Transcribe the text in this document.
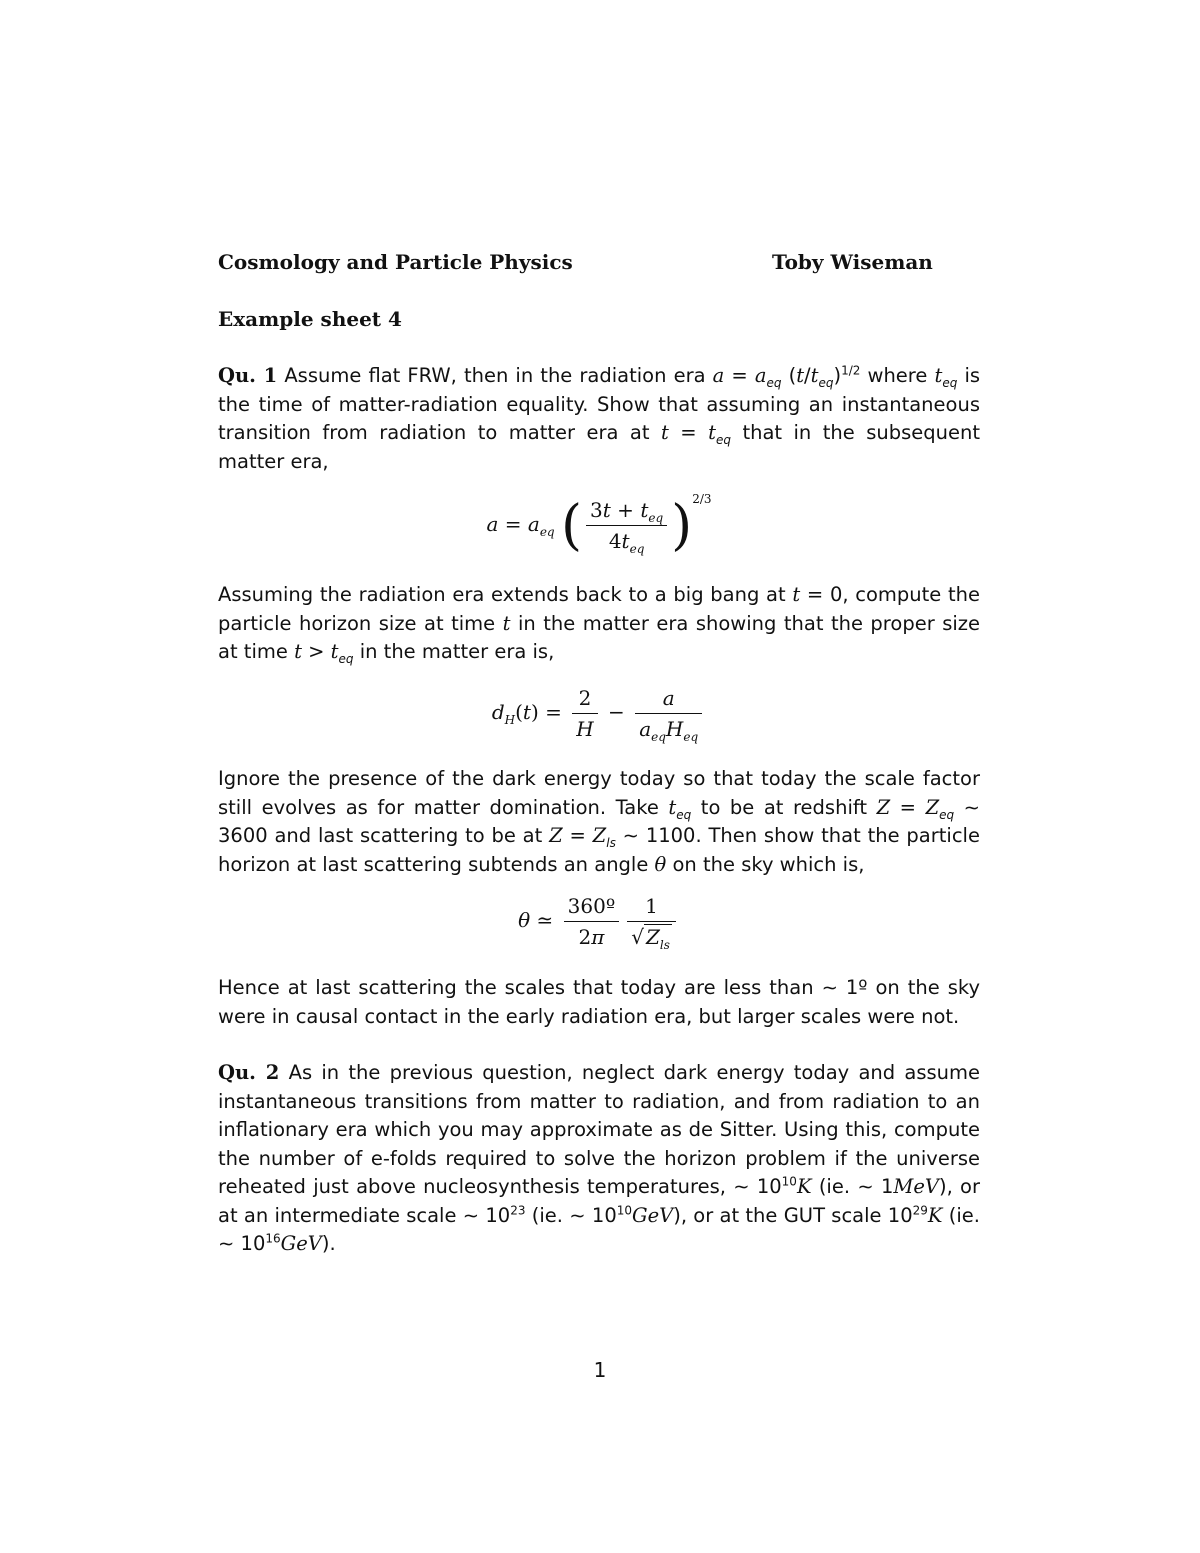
Cosmology and Particle Physics	Toby Wiseman
Example sheet 4
Qu. 1 Assume flat FRW, then in the radiation era $a = a_{eq}$ $(t/t_{eq})^{1/2}$ where $t_{eq}$ is the time of matter-radiation equality. Show that assuming an instantaneous transition from radiation to matter era at $t = t_{eq}$ that in the subsequent matter era,
$a = a_{eq}$ ( $\frac{3t + t_{eq}}{4t_{eq}} )^{2/3}$
Assuming the radiation era extends back to a big bang at t = 0, compute the particle horizon size at time t in the matter era showing that the proper size at time $t > t_{eq}$ in the matter era is,
$d_H(t) = \frac{2}{H} - \frac{a}{a_{eq}H_{eq}}$
Ignore the presence of the dark energy today so that today the scale factor still evolves as for matter domination. Take $t_{eq}$ to be at redshift $Z = Z_{eq}$ ∼ 3600 and last scattering to be at $Z = Z_{ls}$ ∼ 1100. Then show that the particle horizon at last scattering subtends an angle θ on the sky which is,
θ ≃ $\frac{\text{360º}}{2\pi} \frac{1}{√ Z_{ls}}$
Hence at last scattering the scales that today are less than ∼ 1º on the sky were in causal contact in the early radiation era, but larger scales were not.
Qu. 2 As in the previous question, neglect dark energy today and assume instantaneous transitions from matter to radiation, and from radiation to an inflationary era which you may approximate as de Sitter. Using this, compute the number of e-folds required to solve the horizon problem if the universe reheated just above nucleosynthesis temperatures, ∼ $10^{10}K$ (ie. ∼ 1MeV), or at an intermediate scale ∼ $10^{23}$ (ie. ∼ $10^{10}GeV$), or at the GUT scale $10^{29}K$ (ie. ∼ $10^{16}GeV$).
1
